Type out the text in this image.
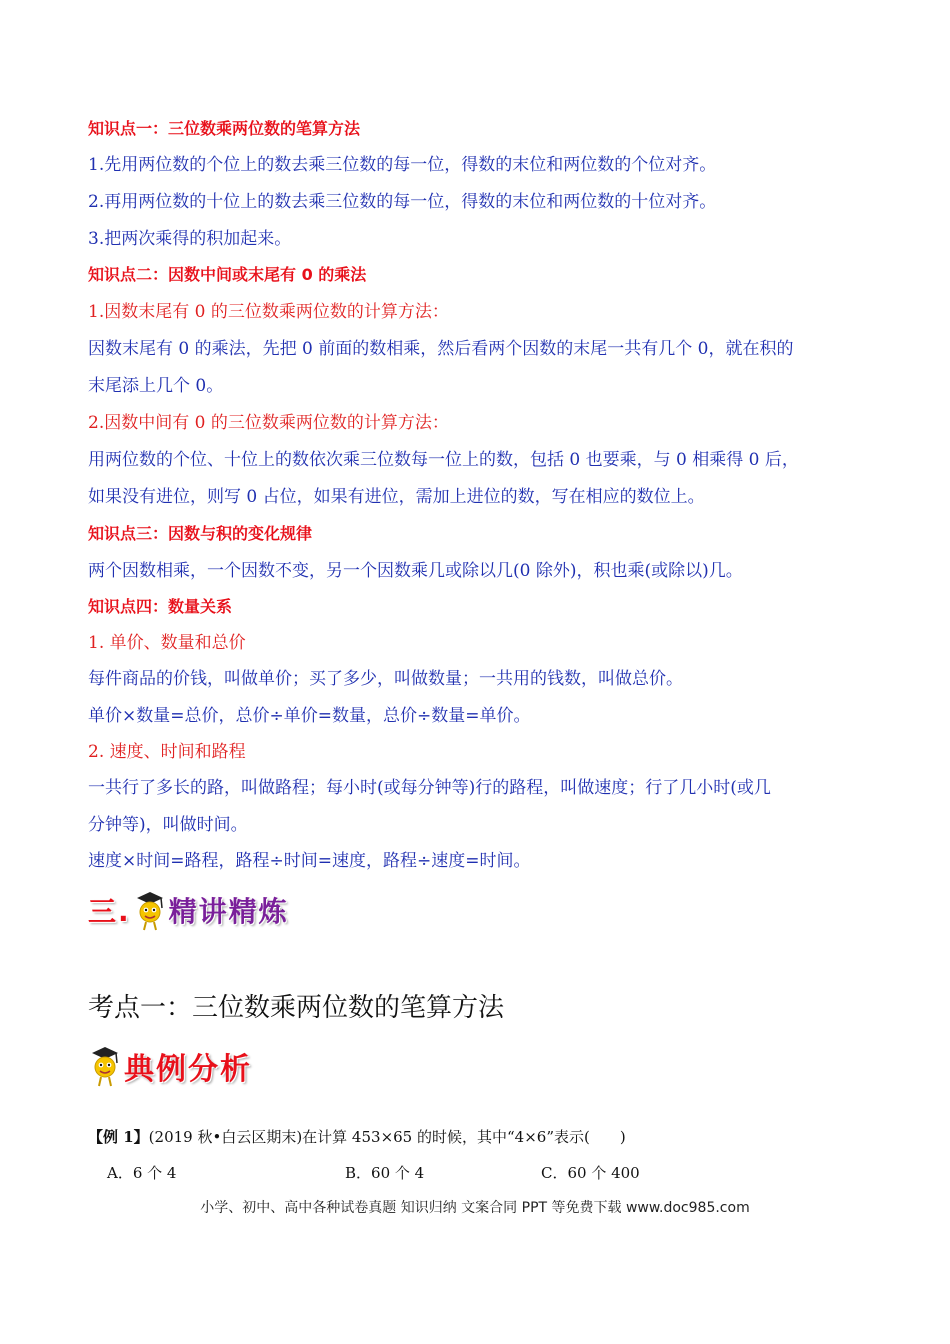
知识点一：三位数乘两位数的笔算方法
1.先用两位数的个位上的数去乘三位数的每一位，得数的末位和两位数的个位对齐。
2.再用两位数的十位上的数去乘三位数的每一位，得数的末位和两位数的十位对齐。
3.把两次乘得的积加起来。
知识点二：因数中间或末尾有 0 的乘法
1.因数末尾有 0 的三位数乘两位数的计算方法：
因数末尾有 0 的乘法，先把 0 前面的数相乘，然后看两个因数的末尾一共有几个 0，就在积的
末尾添上几个 0。
2.因数中间有 0 的三位数乘两位数的计算方法：
用两位数的个位、十位上的数依次乘三位数每一位上的数，包括 0 也要乘，与 0 相乘得 0 后，
如果没有进位，则写 0 占位，如果有进位，需加上进位的数，写在相应的数位上。
知识点三：因数与积的变化规律
两个因数相乘，一个因数不变，另一个因数乘几或除以几(0 除外)，积也乘(或除以)几。
知识点四：数量关系
1. 单价、数量和总价
每件商品的价钱，叫做单价；买了多少，叫做数量；一共用的钱数，叫做总价。
单价×数量=总价，总价÷单价=数量，总价÷数量=单价。
2. 速度、时间和路程
一共行了多长的路，叫做路程；每小时(或每分钟等)行的路程，叫做速度；行了几小时(或几
分钟等)，叫做时间。
速度×时间=路程，路程÷时间=速度，路程÷速度=时间。
三. 精讲精炼
考点一：三位数乘两位数的笔算方法
典例分析
【例 1】(2019 秋•白云区期末)在计算 453×65 的时候，其中“4×6”表示(　　)
A．6 个 4	B．60 个 4	C．60 个 400
小学、初中、高中各种试卷真题 知识归纳 文案合同 PPT 等免费下载 www.doc985.com
